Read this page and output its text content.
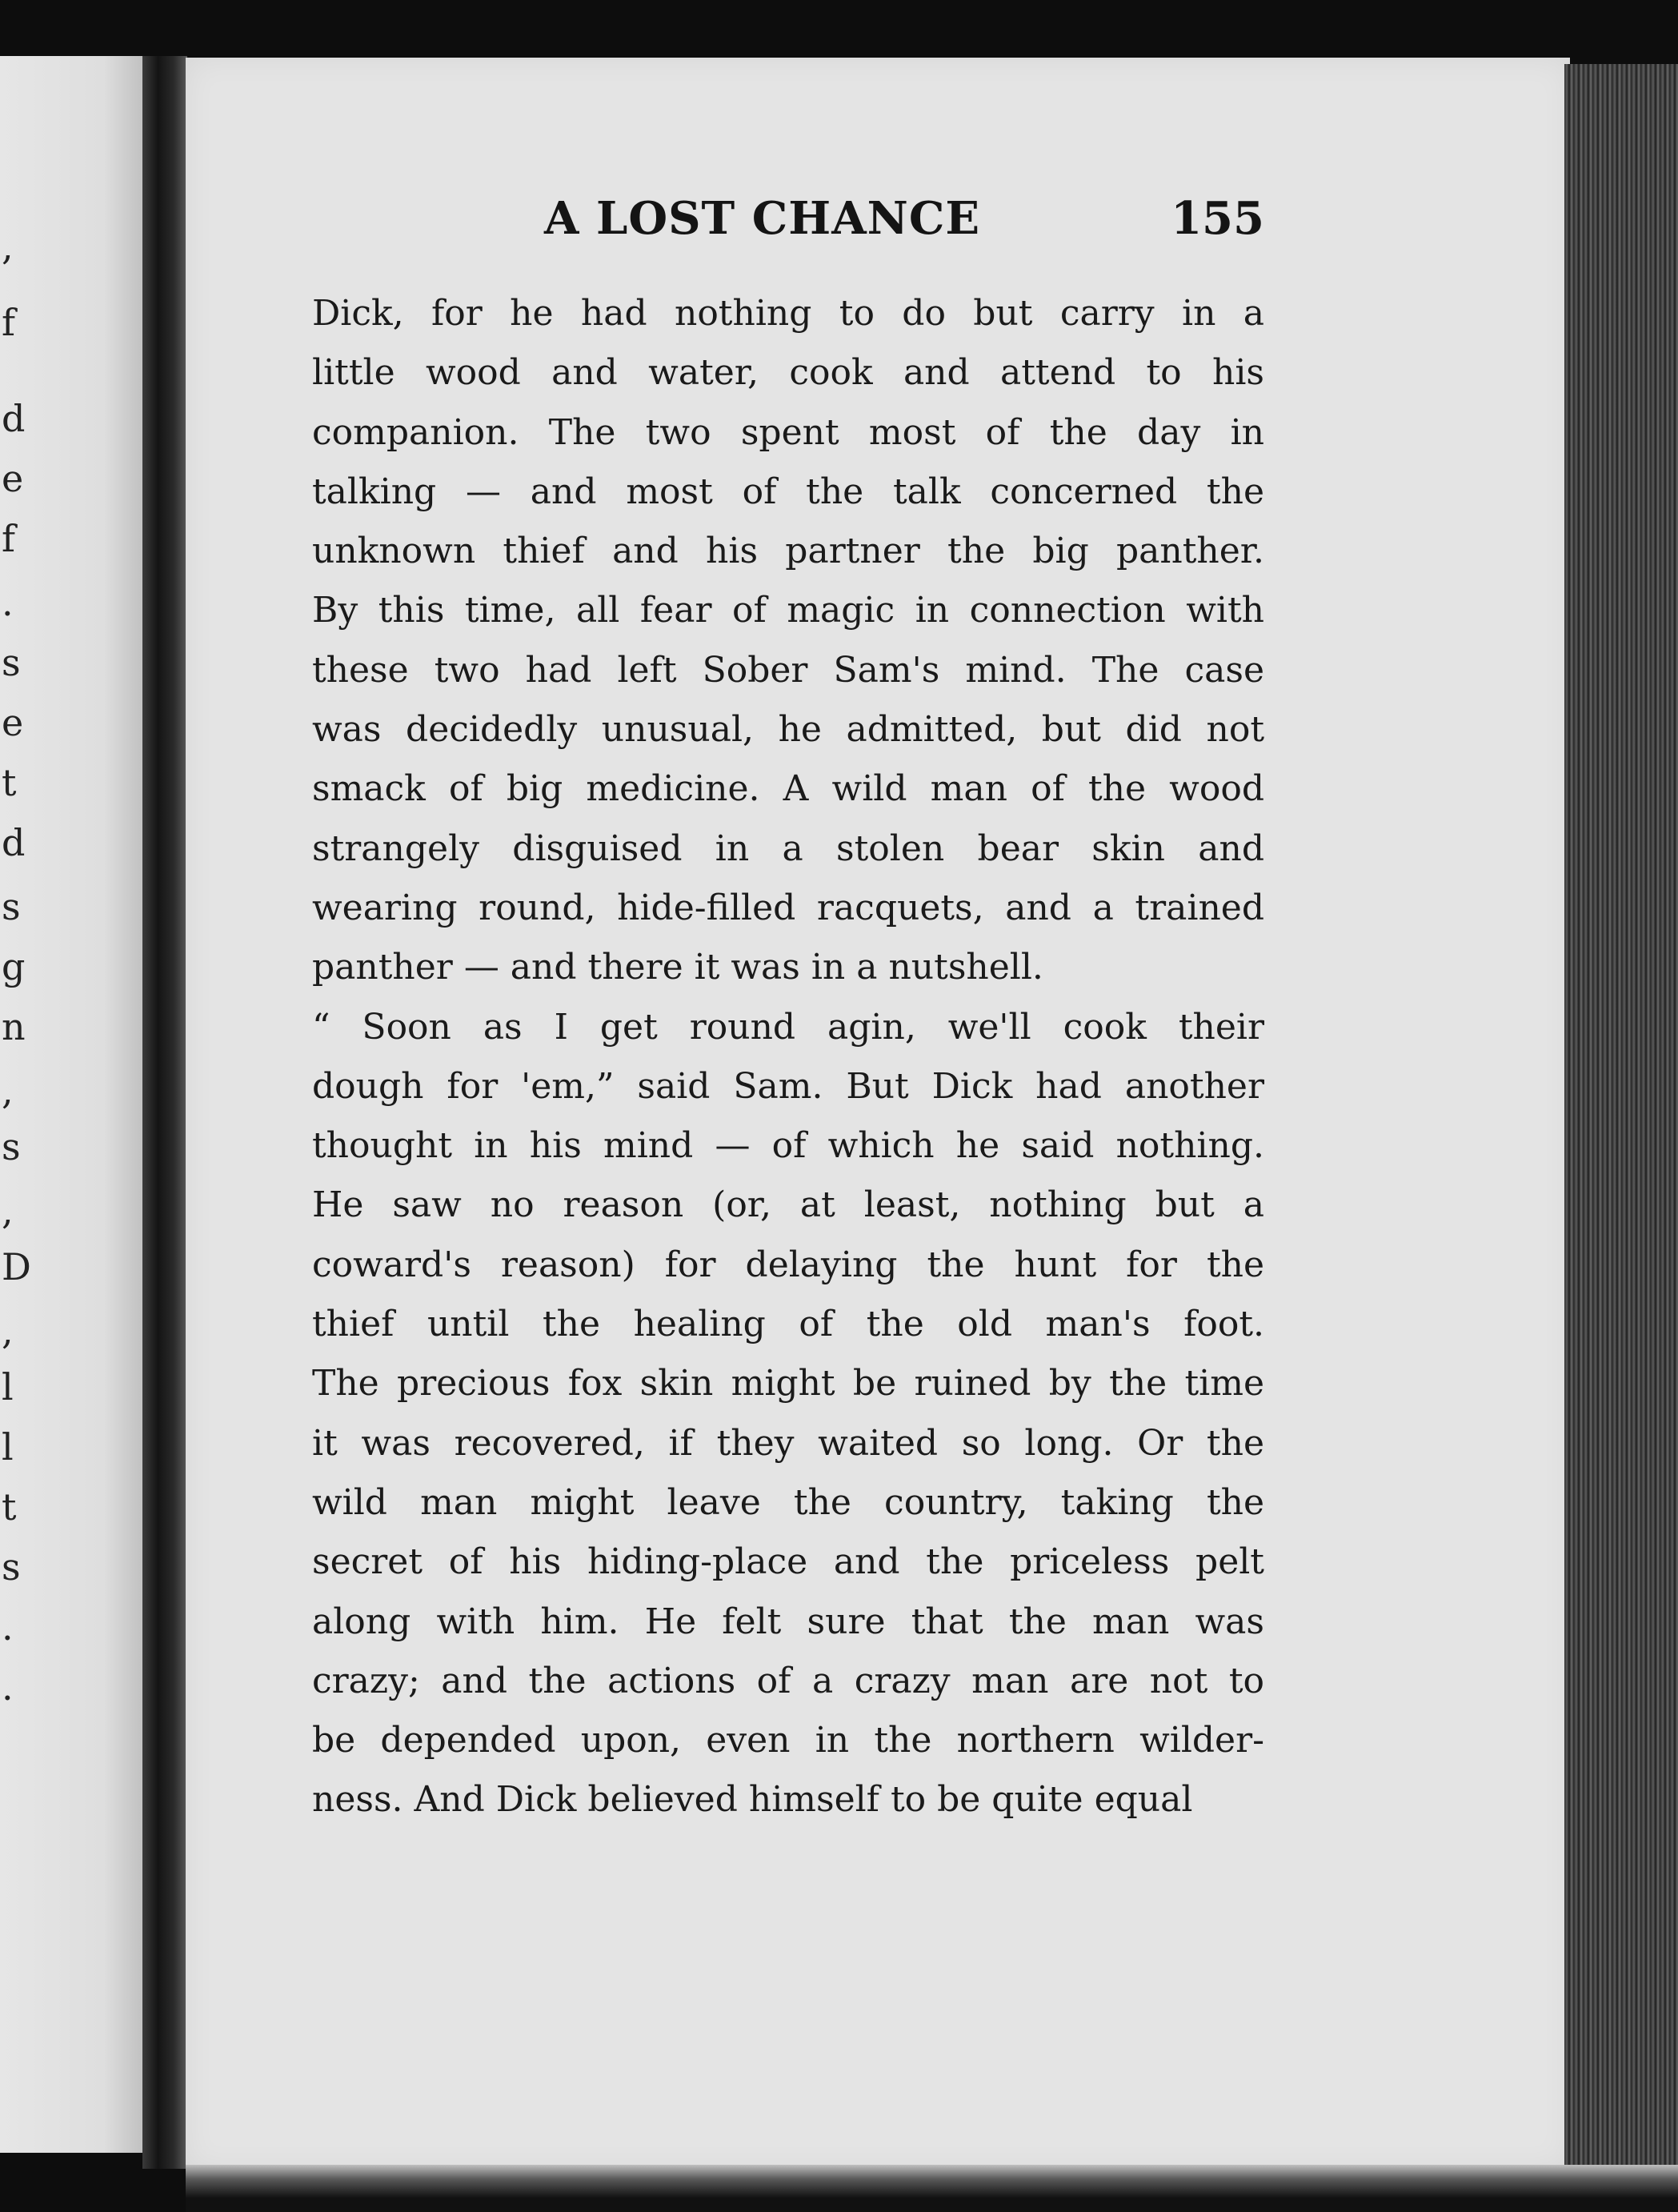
,
f
d
e
f
.
s
e
t
d
s
g
n
,
s
,
D
,
l
l
t
s
.
.
A LOST CHANCE	155
Dick, for he had nothing to do but carry in a
little wood and water, cook and attend to his
companion. The two spent most of the day in
talking — and most of the talk concerned the
unknown thief and his partner the big panther.
By this time, all fear of magic in connection with
these two had left Sober Sam's mind. The case
was decidedly unusual, he admitted, but did not
smack of big medicine. A wild man of the wood
strangely disguised in a stolen bear skin and
wearing round, hide-filled racquets, and a trained
panther — and there it was in a nutshell.
“ Soon as I get round agin, we'll cook their
dough for 'em,” said Sam. But Dick had another
thought in his mind — of which he said nothing.
He saw no reason (or, at least, nothing but a
coward's reason) for delaying the hunt for the
thief until the healing of the old man's foot.
The precious fox skin might be ruined by the time
it was recovered, if they waited so long. Or the
wild man might leave the country, taking the
secret of his hiding-place and the priceless pelt
along with him. He felt sure that the man was
crazy; and the actions of a crazy man are not to
be depended upon, even in the northern wilder-
ness. And Dick believed himself to be quite equal
